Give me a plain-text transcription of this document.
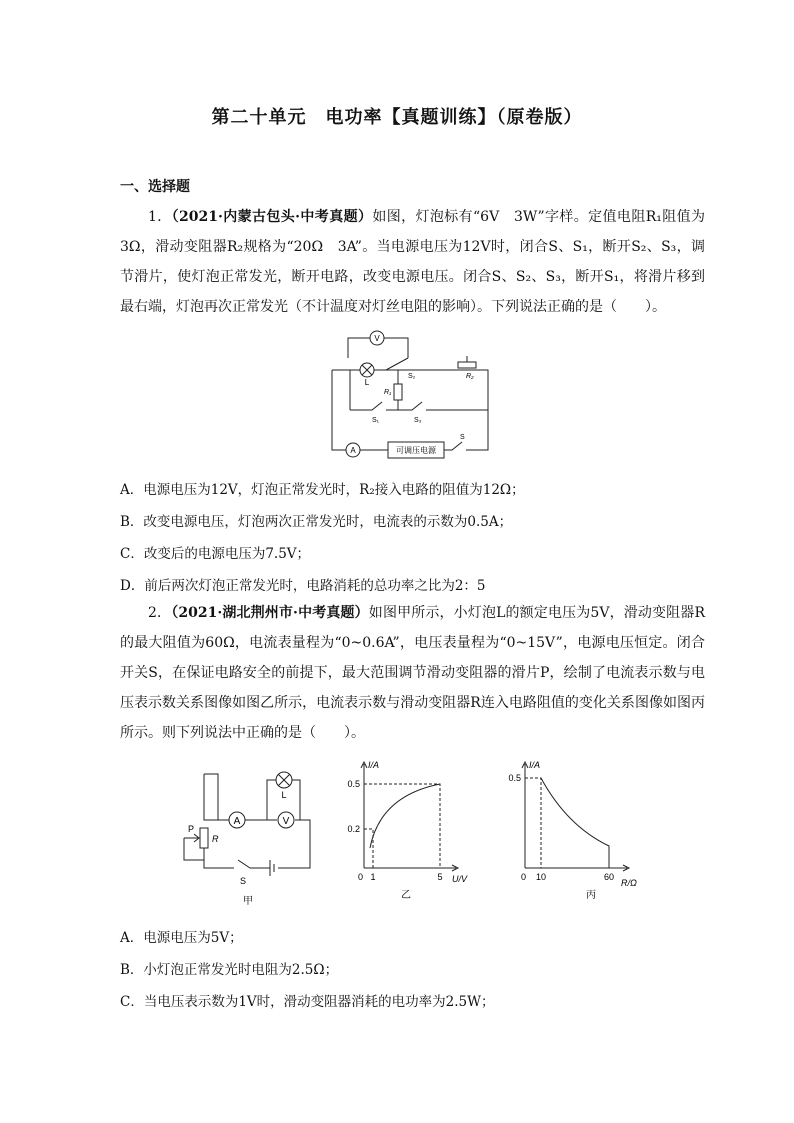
第二十单元　电功率【真题训练】（原卷版）
一、选择题
1．（2021·内蒙古包头·中考真题）如图，灯泡标有“6V　3W”字样。定值电阻R₁阻值为3Ω，滑动变阻器R₂规格为“20Ω　3A”。当电源电压为12V时，闭合S、S₁，断开S₂、S₃，调节滑片，使灯泡正常发光，断开电路，改变电源电压。闭合S、S₂、S₃，断开S₁，将滑片移到最右端，灯泡再次正常发光（不计温度对灯丝电阻的影响）。下列说法正确的是（　　）。
V
L
S₂
R₁
R₂
S₁	S₃
A	可调压电源
S
A．电源电压为12V，灯泡正常发光时，R₂接入电路的阻值为12Ω；
B．改变电源电压，灯泡两次正常发光时，电流表的示数为0.5A；
C．改变后的电源电压为7.5V；
D．前后两次灯泡正常发光时，电路消耗的总功率之比为2：5
2．（2021·湖北荆州市·中考真题）如图甲所示，小灯泡L的额定电压为5V，滑动变阻器R的最大阻值为60Ω，电流表量程为“0~0.6A”，电压表量程为“0~15V”，电源电压恒定。闭合开关S，在保证电路安全的前提下，最大范围调节滑动变阻器的滑片P，绘制了电流表示数与电压表示数关系图像如图乙所示，电流表示数与滑动变阻器R连入电路阻值的变化关系图像如图丙所示。则下列说法中正确的是（　　）。
L
A	V
P
R
S
甲
I/A
U/V
0 1	5
0.2
0.5
乙
I/A
R/Ω
0 10	60
0.5
丙
A．电源电压为5V；
B．小灯泡正常发光时电阻为2.5Ω；
C．当电压表示数为1V时，滑动变阻器消耗的电功率为2.5W；
